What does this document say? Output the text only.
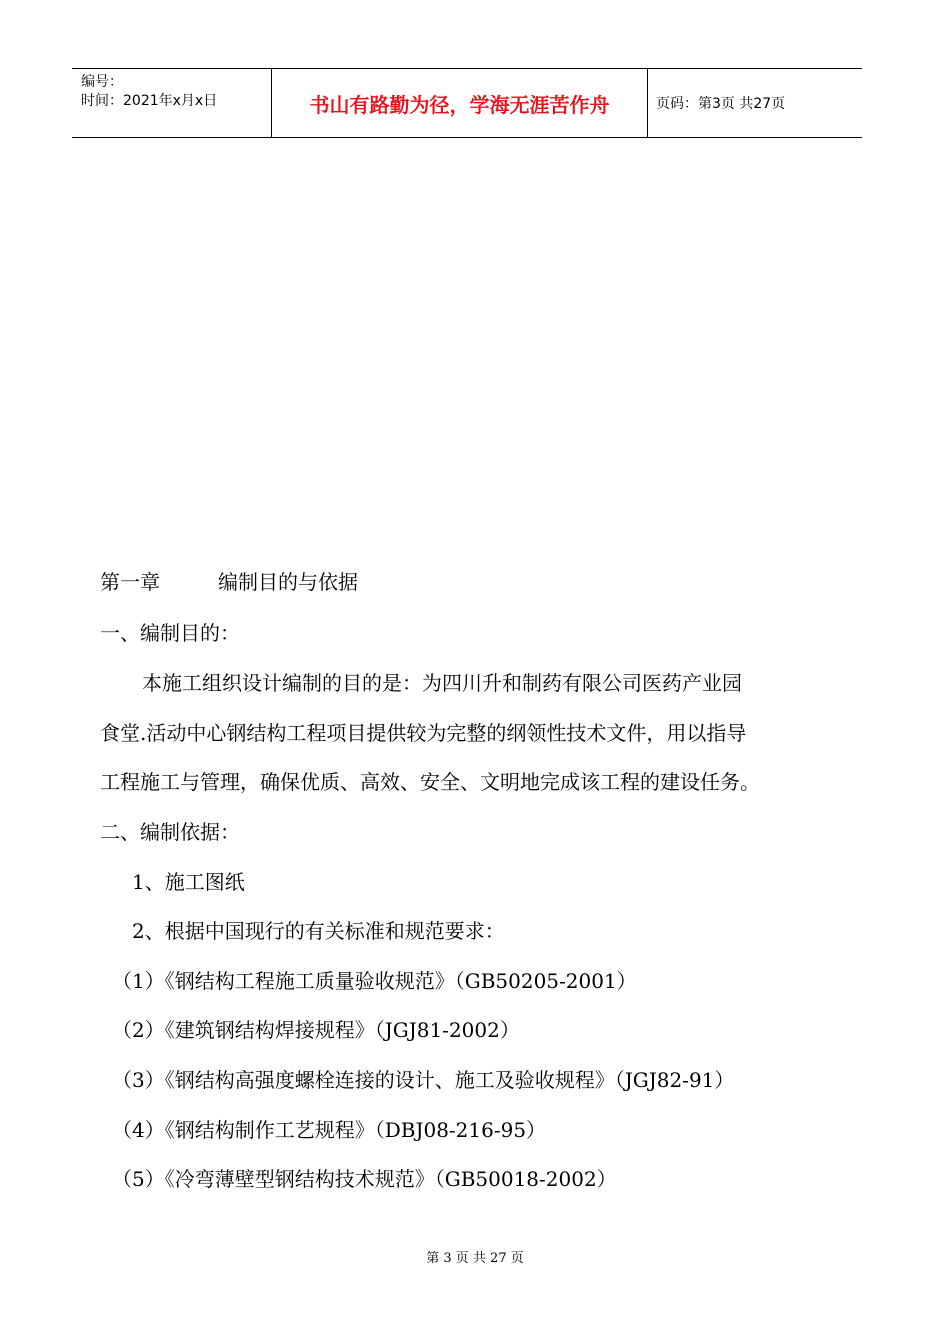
编号：
时间：2021年x月x日	书山有路勤为径，学海无涯苦作舟	页码：第3页 共27页
第一章	编制目的与依据
一、编制目的：
本施工组织设计编制的目的是：为四川升和制药有限公司医药产业园
食堂.活动中心钢结构工程项目提供较为完整的纲领性技术文件，用以指导
工程施工与管理，确保优质、高效、安全、文明地完成该工程的建设任务。
二、编制依据：
1、施工图纸
2、根据中国现行的有关标准和规范要求：
（1）《钢结构工程施工质量验收规范》（GB50205-2001）
（2）《建筑钢结构焊接规程》（JGJ81-2002）
（3）《钢结构高强度螺栓连接的设计、施工及验收规程》（JGJ82-91）
（4）《钢结构制作工艺规程》（DBJ08-216-95）
（5）《冷弯薄壁型钢结构技术规范》（GB50018-2002）
第 3 页 共 27 页
